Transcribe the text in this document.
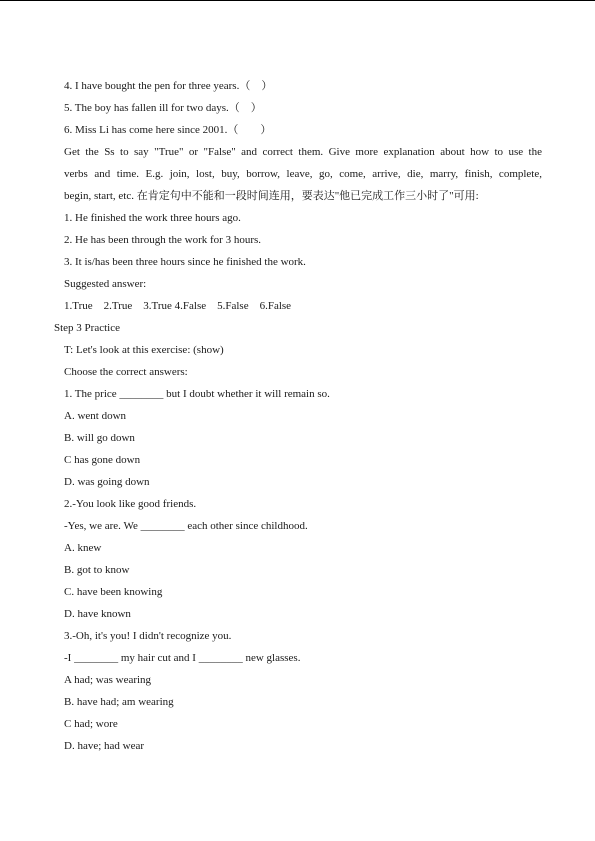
4. I have bought the pen for three years.（　）
5. The boy has fallen ill for two days.（　）
6. Miss Li has come here since 2001.（　　）
Get the Ss to say "True" or "False" and correct them. Give more explanation about how to use the
verbs and time. E.g. join, lost, buy, borrow, leave, go, come, arrive, die, marry, finish, complete,
begin, start, etc. 在肯定句中不能和一段时间连用，要表达"他已完成工作三小时了"可用:
1. He finished the work three hours ago.
2. He has been through the work for 3 hours.
3. It is/has been three hours since he finished the work.
Suggested answer:
1.True　2.True　3.True 4.False　5.False　6.False
Step 3 Practice
T: Let's look at this exercise: (show)
Choose the correct answers:
1. The price ________ but I doubt whether it will remain so.
A. went down
B. will go down
C has gone down
D. was going down
2.-You look like good friends.
-Yes, we are. We ________ each other since childhood.
A. knew
B. got to know
C. have been knowing
D. have known
3.-Oh, it's you! I didn't recognize you.
-I ________ my hair cut and I ________ new glasses.
A had; was wearing
B. have had; am wearing
C had; wore
D. have; had wear
